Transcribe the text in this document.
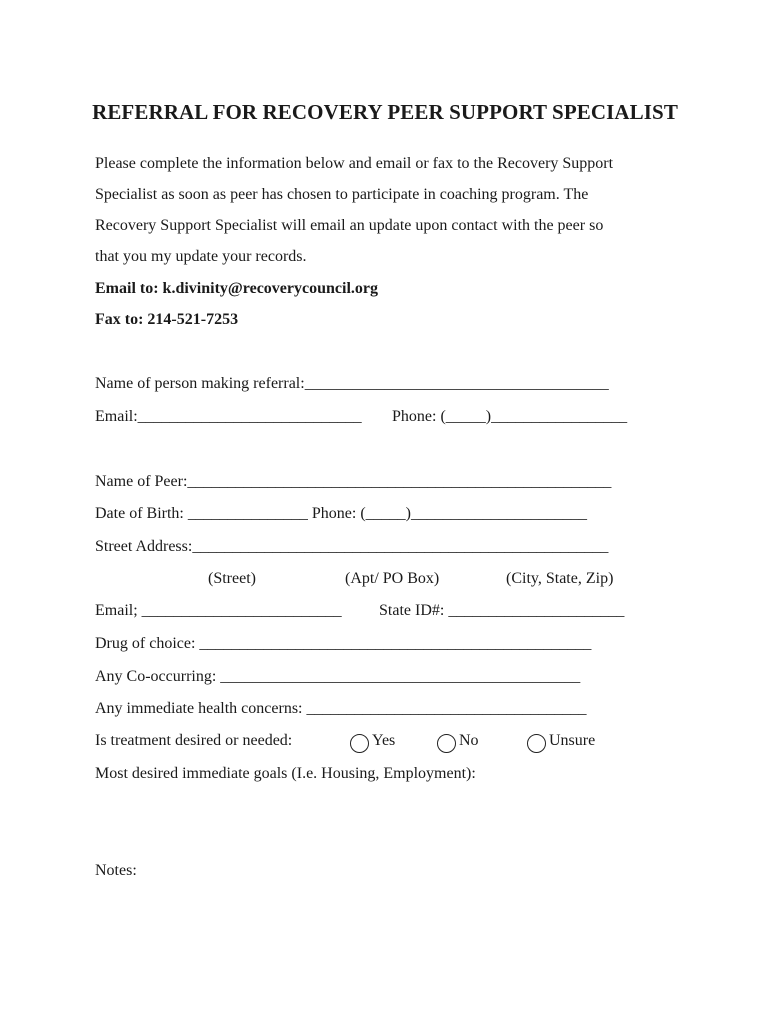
REFERRAL FOR RECOVERY PEER SUPPORT SPECIALIST
Please complete the information below and email or fax to the Recovery Support
Specialist as soon as peer has chosen to participate in coaching program. The
Recovery Support Specialist will email an update upon contact with the peer so
that you my update your records.
Email to: k.divinity@recoverycouncil.org
Fax to: 214-521-7253
Name of person making referral:______________________________________
Email:____________________________ Phone: (_____)_________________
Name of Peer:_____________________________________________________
Date of Birth: _______________ Phone: (_____)______________________
Street Address:____________________________________________________
(Street)	(Apt/ PO Box)	(City, State, Zip)
Email; _________________________ State ID#: ______________________
Drug of choice: _________________________________________________
Any Co-occurring: _____________________________________________
Any immediate health concerns: ___________________________________
Is treatment desired or needed:	Yes	No	Unsure
Most desired immediate goals (I.e. Housing, Employment):
Notes:
